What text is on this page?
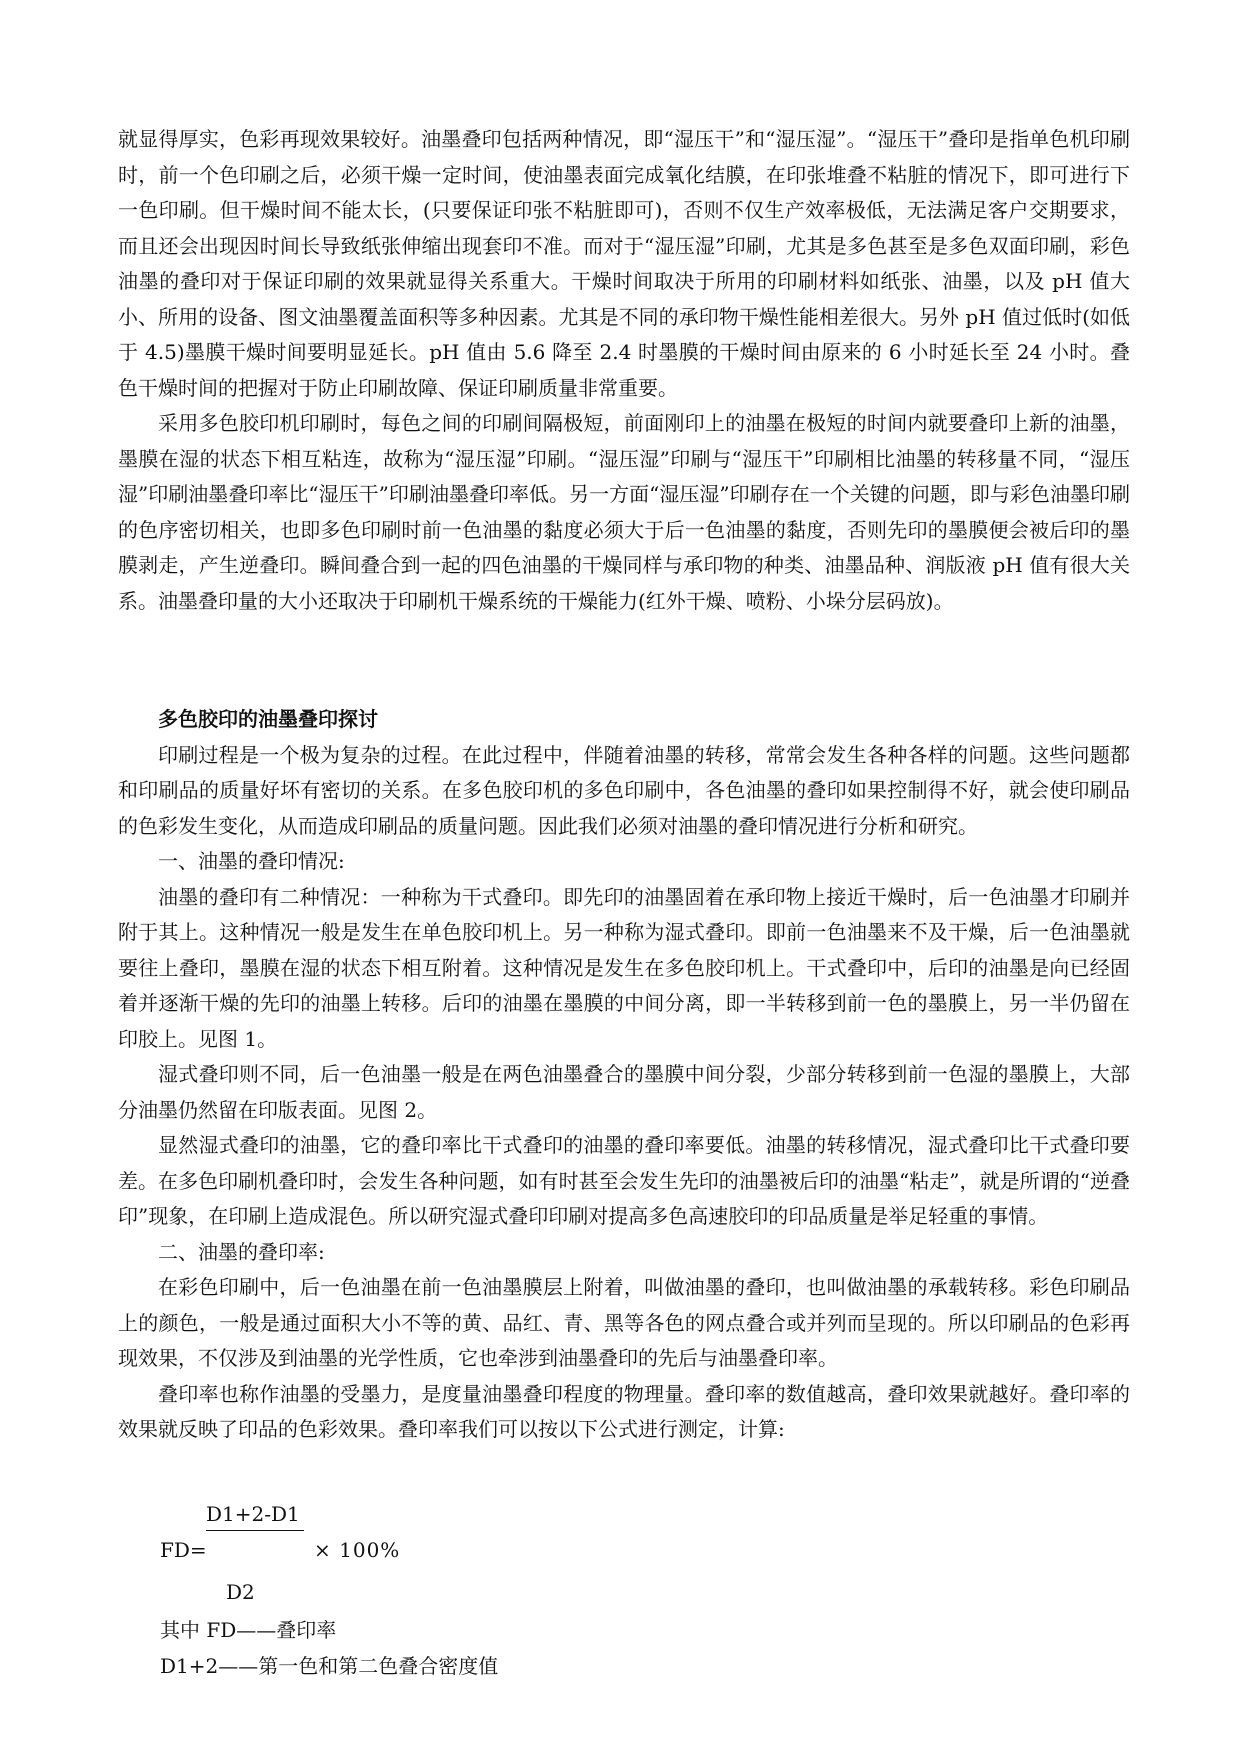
就显得厚实，色彩再现效果较好。油墨叠印包括两种情况，即“湿压干”和“湿压湿”。“湿压干”叠印是指单色机印刷时，前一个色印刷之后，必须干燥一定时间，使油墨表面完成氧化结膜，在印张堆叠不粘脏的情况下，即可进行下一色印刷。但干燥时间不能太长，(只要保证印张不粘脏即可)，否则不仅生产效率极低，无法满足客户交期要求，而且还会出现因时间长导致纸张伸缩出现套印不准。而对于“湿压湿”印刷，尤其是多色甚至是多色双面印刷，彩色油墨的叠印对于保证印刷的效果就显得关系重大。干燥时间取决于所用的印刷材料如纸张、油墨，以及 pH 值大小、所用的设备、图文油墨覆盖面积等多种因素。尤其是不同的承印物干燥性能相差很大。另外 pH 值过低时(如低于 4.5)墨膜干燥时间要明显延长。pH 值由 5.6 降至 2.4 时墨膜的干燥时间由原来的 6 小时延长至 24 小时。叠色干燥时间的把握对于防止印刷故障、保证印刷质量非常重要。

采用多色胶印机印刷时，每色之间的印刷间隔极短，前面刚印上的油墨在极短的时间内就要叠印上新的油墨，墨膜在湿的状态下相互粘连，故称为“湿压湿”印刷。“湿压湿”印刷与“湿压干”印刷相比油墨的转移量不同，“湿压湿”印刷油墨叠印率比“湿压干”印刷油墨叠印率低。另一方面“湿压湿”印刷存在一个关键的问题，即与彩色油墨印刷的色序密切相关，也即多色印刷时前一色油墨的黏度必须大于后一色油墨的黏度，否则先印的墨膜便会被后印的墨膜剥走，产生逆叠印。瞬间叠合到一起的四色油墨的干燥同样与承印物的种类、油墨品种、润版液 pH 值有很大关系。油墨叠印量的大小还取决于印刷机干燥系统的干燥能力(红外干燥、喷粉、小垛分层码放)。

多色胶印的油墨叠印探讨

印刷过程是一个极为复杂的过程。在此过程中，伴随着油墨的转移，常常会发生各种各样的问题。这些问题都和印刷品的质量好坏有密切的关系。在多色胶印机的多色印刷中，各色油墨的叠印如果控制得不好，就会使印刷品的色彩发生变化，从而造成印刷品的质量问题。因此我们必须对油墨的叠印情况进行分析和研究。

一、油墨的叠印情况:

油墨的叠印有二种情况：一种称为干式叠印。即先印的油墨固着在承印物上接近干燥时，后一色油墨才印刷并附于其上。这种情况一般是发生在单色胶印机上。另一种称为湿式叠印。即前一色油墨来不及干燥，后一色油墨就要往上叠印，墨膜在湿的状态下相互附着。这种情况是发生在多色胶印机上。干式叠印中，后印的油墨是向已经固着并逐渐干燥的先印的油墨上转移。后印的油墨在墨膜的中间分离，即一半转移到前一色的墨膜上，另一半仍留在印胶上。见图 1。

湿式叠印则不同，后一色油墨一般是在两色油墨叠合的墨膜中间分裂，少部分转移到前一色湿的墨膜上，大部分油墨仍然留在印版表面。见图 2。

显然湿式叠印的油墨，它的叠印率比干式叠印的油墨的叠印率要低。油墨的转移情况，湿式叠印比干式叠印要差。在多色印刷机叠印时，会发生各种问题，如有时甚至会发生先印的油墨被后印的油墨“粘走”，就是所谓的“逆叠印”现象，在印刷上造成混色。所以研究湿式叠印印刷对提高多色高速胶印的印品质量是举足轻重的事情。

二、油墨的叠印率:

在彩色印刷中，后一色油墨在前一色油墨膜层上附着，叫做油墨的叠印，也叫做油墨的承载转移。彩色印刷品上的颜色，一般是通过面积大小不等的黄、品红、青、黑等各色的网点叠合或并列而呈现的。所以印刷品的色彩再现效果，不仅涉及到油墨的光学性质，它也牵涉到油墨叠印的先后与油墨叠印率。

叠印率也称作油墨的受墨力，是度量油墨叠印程度的物理量。叠印率的数值越高，叠印效果就越好。叠印率的效果就反映了印品的色彩效果。叠印率我们可以按以下公式进行测定，计算:

D1+2-D1
FD=	× 100%
D2
其中 FD——叠印率
D1+2——第一色和第二色叠合密度值
